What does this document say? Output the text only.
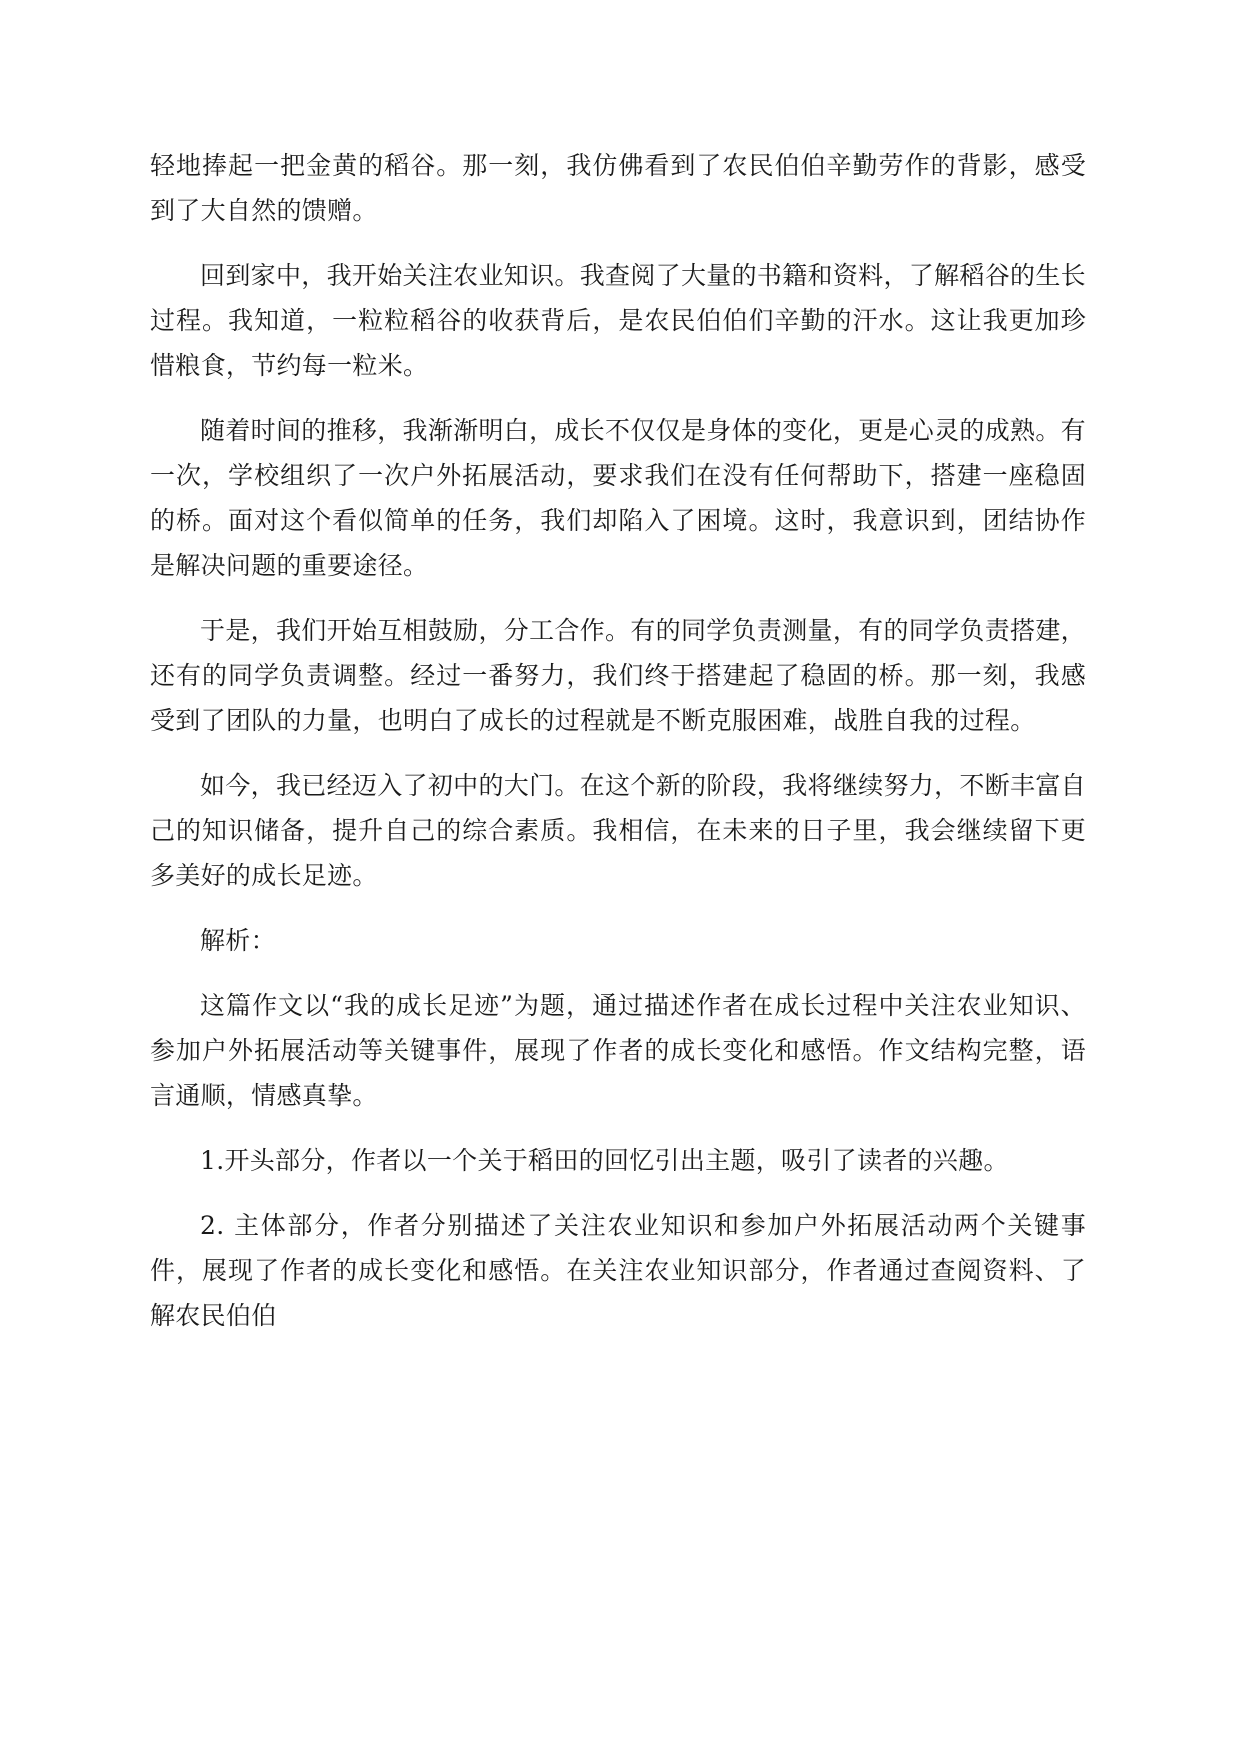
轻地捧起一把金黄的稻谷。那一刻，我仿佛看到了农民伯伯辛勤劳作的背影，感受到了大自然的馈赠。

回到家中，我开始关注农业知识。我查阅了大量的书籍和资料，了解稻谷的生长过程。我知道，一粒粒稻谷的收获背后，是农民伯伯们辛勤的汗水。这让我更加珍惜粮食，节约每一粒米。

随着时间的推移，我渐渐明白，成长不仅仅是身体的变化，更是心灵的成熟。有一次，学校组织了一次户外拓展活动，要求我们在没有任何帮助下，搭建一座稳固的桥。面对这个看似简单的任务，我们却陷入了困境。这时，我意识到，团结协作是解决问题的重要途径。

于是，我们开始互相鼓励，分工合作。有的同学负责测量，有的同学负责搭建，还有的同学负责调整。经过一番努力，我们终于搭建起了稳固的桥。那一刻，我感受到了团队的力量，也明白了成长的过程就是不断克服困难，战胜自我的过程。

如今，我已经迈入了初中的大门。在这个新的阶段，我将继续努力，不断丰富自己的知识储备，提升自己的综合素质。我相信，在未来的日子里，我会继续留下更多美好的成长足迹。

解析：

这篇作文以“我的成长足迹”为题，通过描述作者在成长过程中关注农业知识、参加户外拓展活动等关键事件，展现了作者的成长变化和感悟。作文结构完整，语言通顺，情感真挚。

1.开头部分，作者以一个关于稻田的回忆引出主题，吸引了读者的兴趣。

2. 主体部分，作者分别描述了关注农业知识和参加户外拓展活动两个关键事件，展现了作者的成长变化和感悟。在关注农业知识部分，作者通过查阅资料、了解农民伯伯
